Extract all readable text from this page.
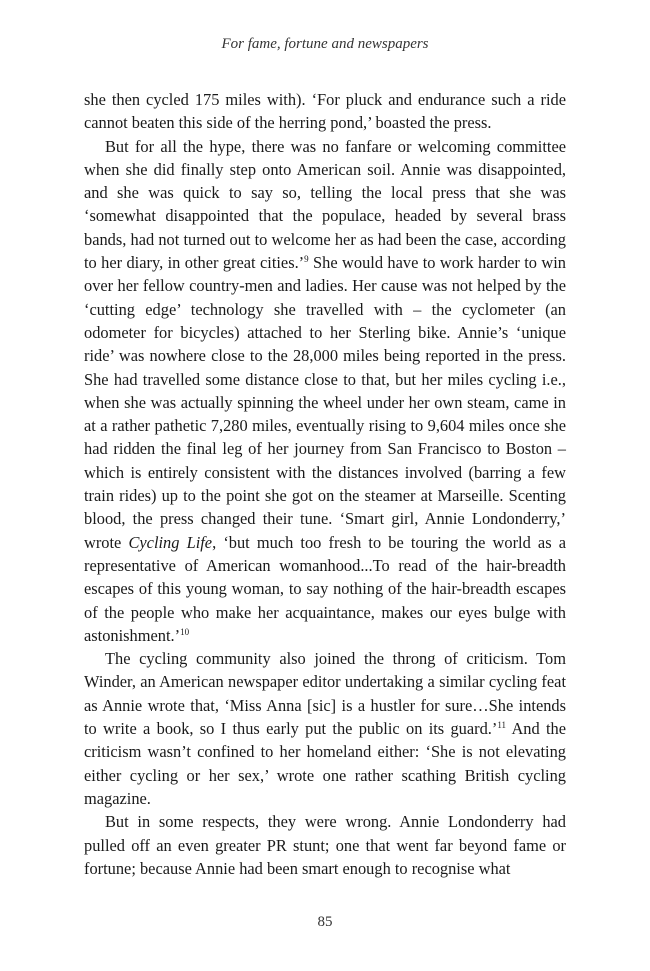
For fame, fortune and newspapers

she then cycled 175 miles with). ‘For pluck and endurance such a ride cannot beaten this side of the herring pond,’ boasted the press.

But for all the hype, there was no fanfare or welcoming committee when she did finally step onto American soil. Annie was disappointed, and she was quick to say so, telling the local press that she was ‘somewhat disappointed that the populace, headed by several brass bands, had not turned out to welcome her as had been the case, according to her diary, in other great cities.’$^9$ She would have to work harder to win over her fellow country-men and ladies. Her cause was not helped by the ‘cutting edge’ technology she travelled with – the cyclometer (an odometer for bicycles) attached to her Sterling bike. Annie’s ‘unique ride’ was nowhere close to the 28,000 miles being reported in the press. She had travelled some distance close to that, but her miles cycling i.e., when she was actually spinning the wheel under her own steam, came in at a rather pathetic 7,280 miles, eventually rising to 9,604 miles once she had ridden the final leg of her journey from San Francisco to Boston – which is entirely consistent with the distances involved (barring a few train rides) up to the point she got on the steamer at Marseille. Scenting blood, the press changed their tune. ‘Smart girl, Annie Londonderry,’ wrote Cycling Life, ‘but much too fresh to be touring the world as a representative of American womanhood...To read of the hair-breadth escapes of this young woman, to say nothing of the hair-breadth escapes of the people who make her acquaintance, makes our eyes bulge with astonishment.’$^{10}$

The cycling community also joined the throng of criticism. Tom Winder, an American newspaper editor undertaking a similar cycling feat as Annie wrote that, ‘Miss Anna [sic] is a hustler for sure…She intends to write a book, so I thus early put the public on its guard.’$^{11}$ And the criticism wasn’t confined to her homeland either: ‘She is not elevating either cycling or her sex,’ wrote one rather scathing British cycling magazine.

But in some respects, they were wrong. Annie Londonderry had pulled off an even greater PR stunt; one that went far beyond fame or fortune; because Annie had been smart enough to recognise what

85
